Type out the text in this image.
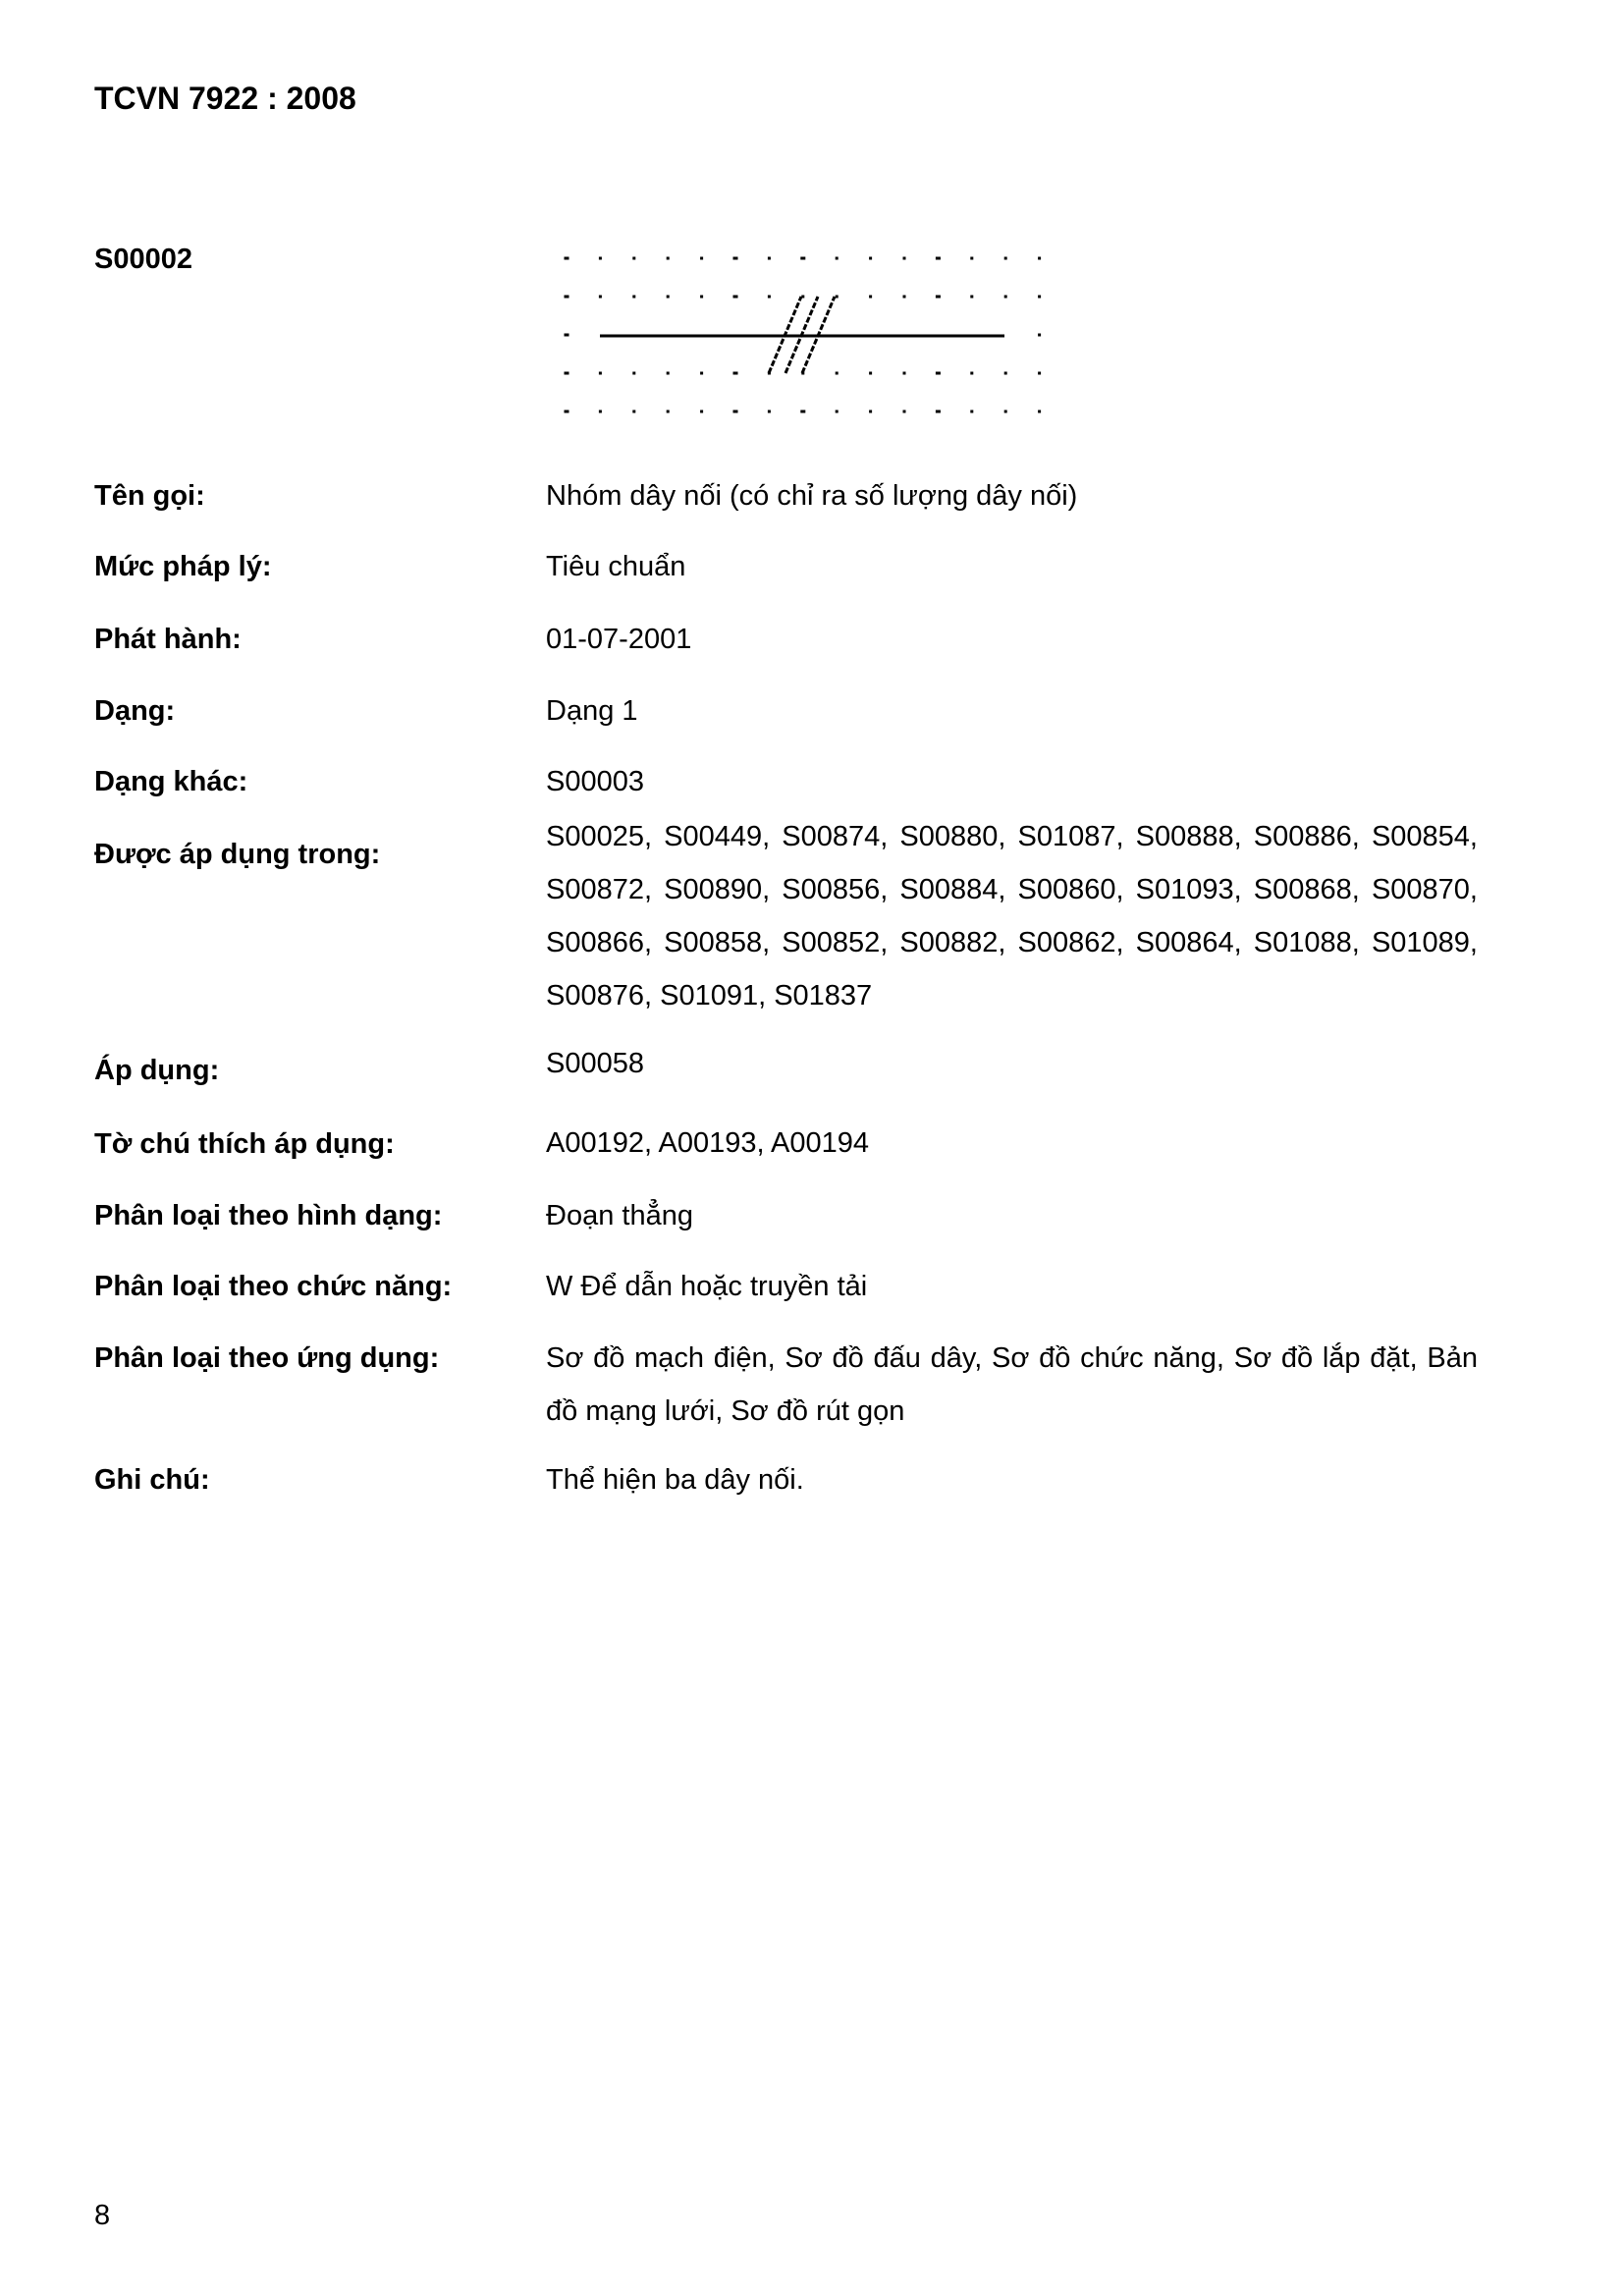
TCVN 7922 : 2008
S00002
Tên gọi:	Nhóm dây nối (có chỉ ra số lượng dây nối)
Mức pháp lý:	Tiêu chuẩn
Phát hành:	01-07-2001
Dạng:	Dạng 1
Dạng khác:	S00003
Được áp dụng trong:
S00025, S00449, S00874, S00880, S01087, S00888, S00886, S00854, S00872, S00890, S00856, S00884, S00860, S01093, S00868, S00870, S00866, S00858, S00852, S00882, S00862, S00864, S01088, S01089, S00876, S01091, S01837
Áp dụng:	S00058
Tờ chú thích áp dụng:	A00192, A00193, A00194
Phân loại theo hình dạng:	Đoạn thẳng
Phân loại theo chức năng:	W Để dẫn hoặc truyền tải
Phân loại theo ứng dụng:	Sơ đồ mạch điện, Sơ đồ đấu dây, Sơ đồ chức năng, Sơ đồ lắp đặt, Bản đồ mạng lưới, Sơ đồ rút gọn
Ghi chú:	Thể hiện ba dây nối.
8
